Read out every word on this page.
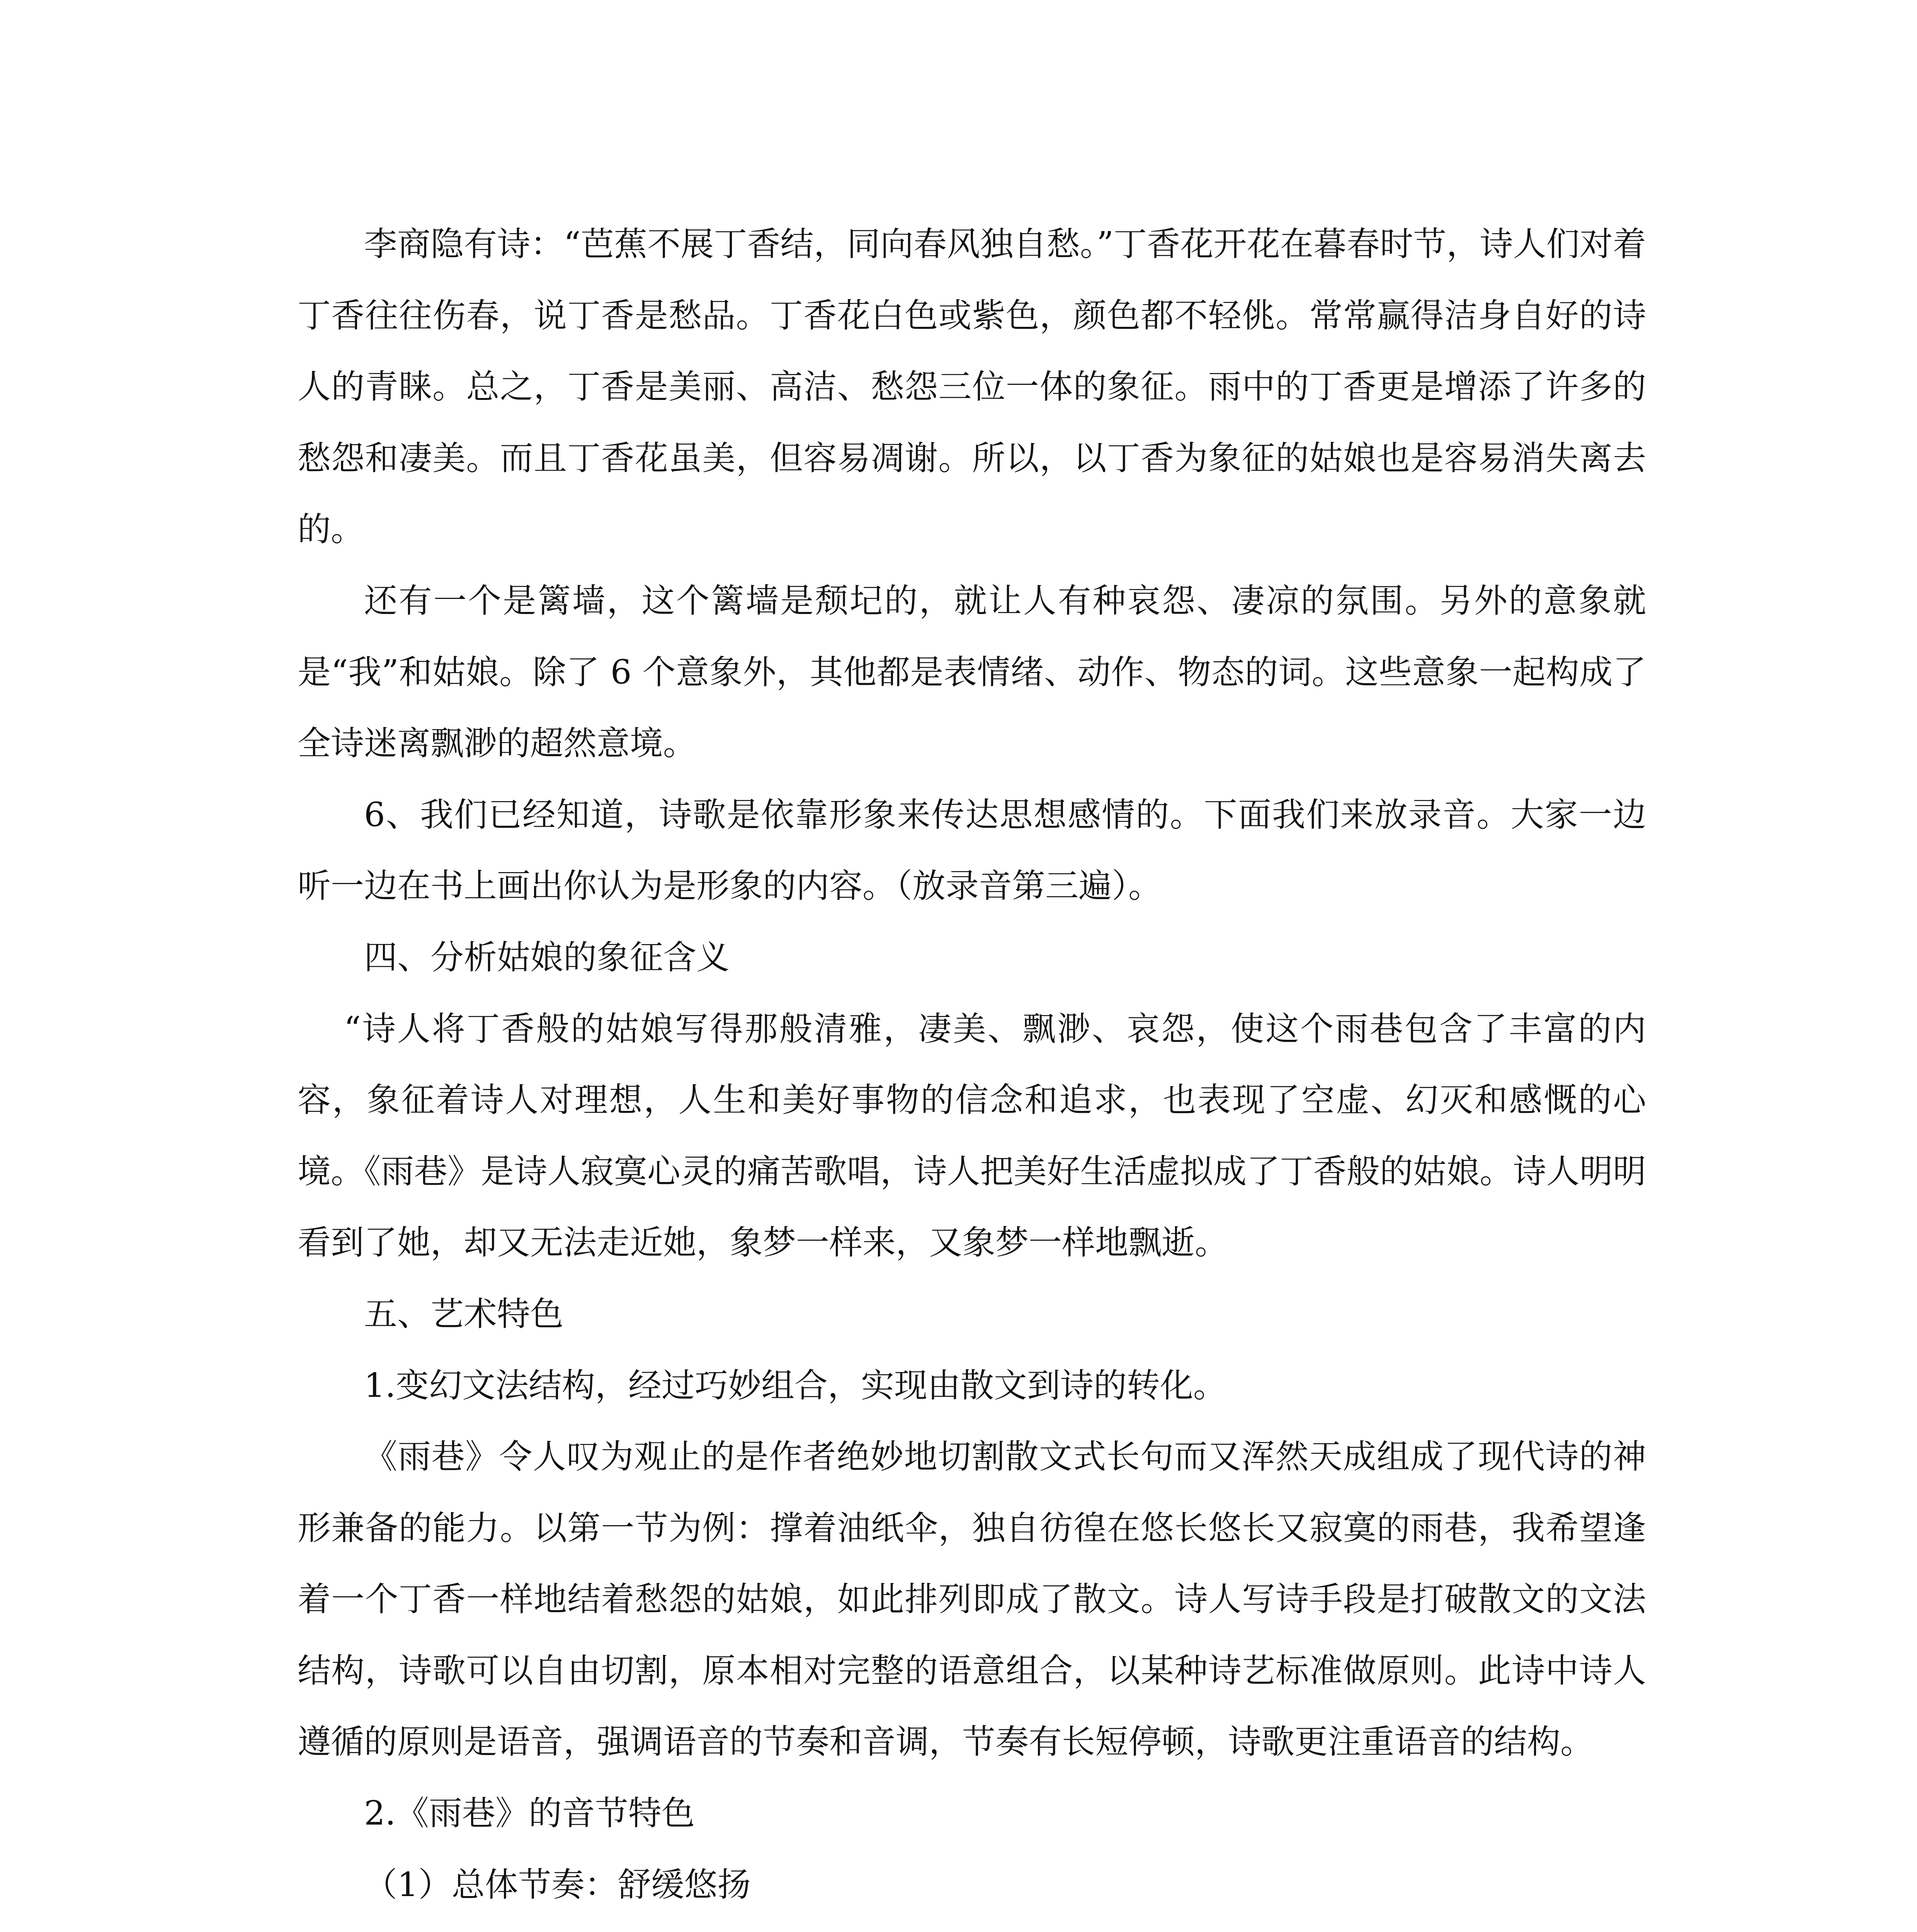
李商隐有诗：“芭蕉不展丁香结，同向春风独自愁。”丁香花开花在暮春时节，诗人们对着丁香往往伤春，说丁香是愁品。丁香花白色或紫色，颜色都不轻佻。常常赢得洁身自好的诗人的青睐。总之，丁香是美丽、高洁、愁怨三位一体的象征。雨中的丁香更是增添了许多的愁怨和凄美。而且丁香花虽美，但容易凋谢。所以，以丁香为象征的姑娘也是容易消失离去的。

还有一个是篱墙，这个篱墙是颓圮的，就让人有种哀怨、凄凉的氛围。另外的意象就是“我”和姑娘。除了 6 个意象外，其他都是表情绪、动作、物态的词。这些意象一起构成了全诗迷离飘渺的超然意境。

6、我们已经知道，诗歌是依靠形象来传达思想感情的。下面我们来放录音。大家一边听一边在书上画出你认为是形象的内容。（放录音第三遍）。

四、分析姑娘的象征含义

“诗人将丁香般的姑娘写得那般清雅，凄美、飘渺、哀怨，使这个雨巷包含了丰富的内容，象征着诗人对理想，人生和美好事物的信念和追求，也表现了空虚、幻灭和感慨的心境。《雨巷》是诗人寂寞心灵的痛苦歌唱，诗人把美好生活虚拟成了丁香般的姑娘。诗人明明看到了她，却又无法走近她，象梦一样来，又象梦一样地飘逝。

五、艺术特色

1.变幻文法结构，经过巧妙组合，实现由散文到诗的转化。

《雨巷》令人叹为观止的是作者绝妙地切割散文式长句而又浑然天成组成了现代诗的神形兼备的能力。以第一节为例：撑着油纸伞，独自彷徨在悠长悠长又寂寞的雨巷，我希望逢着一个丁香一样地结着愁怨的姑娘，如此排列即成了散文。诗人写诗手段是打破散文的文法结构，诗歌可以自由切割，原本相对完整的语意组合，以某种诗艺标准做原则。此诗中诗人遵循的原则是语音，强调语音的节奏和音调，节奏有长短停顿，诗歌更注重语音的结构。

2.《雨巷》的音节特色

（1）总体节奏：舒缓悠扬
